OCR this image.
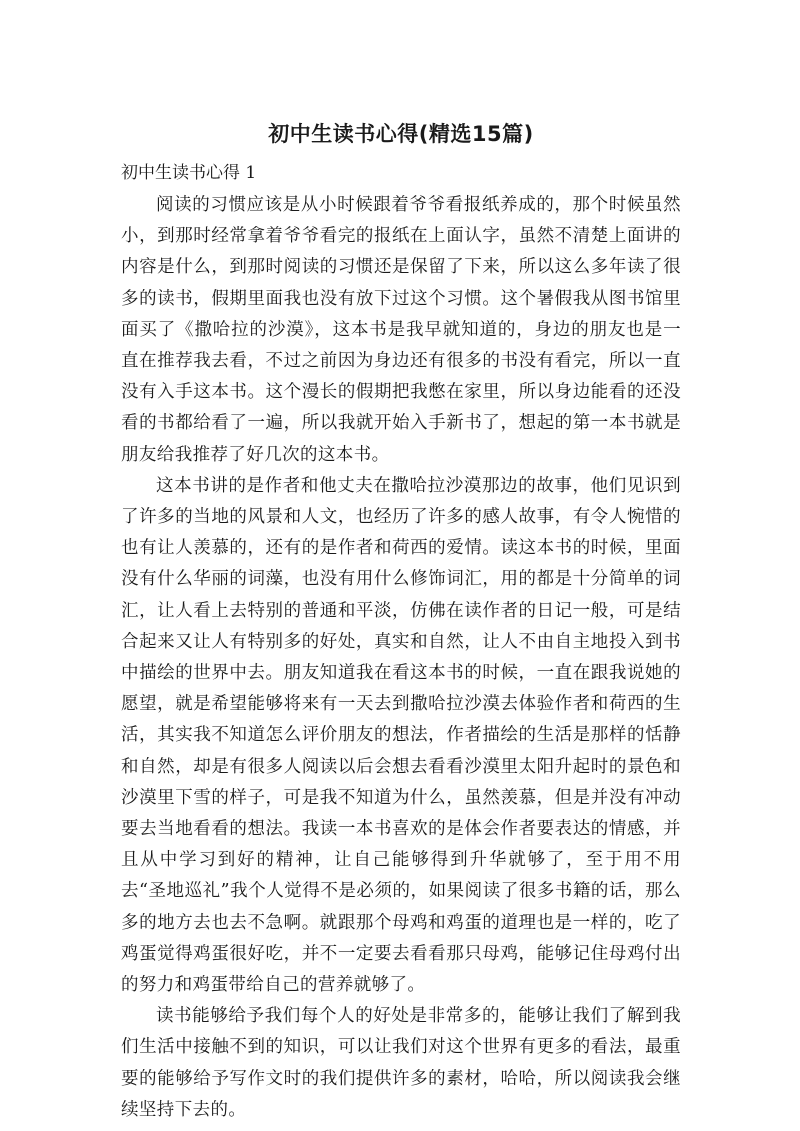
初中生读书心得(精选15篇)
初中生读书心得 1

阅读的习惯应该是从小时候跟着爷爷看报纸养成的，那个时候虽然小，到那时经常拿着爷爷看完的报纸在上面认字，虽然不清楚上面讲的内容是什么，到那时阅读的习惯还是保留了下来，所以这么多年读了很多的读书，假期里面我也没有放下过这个习惯。这个暑假我从图书馆里面买了《撒哈拉的沙漠》，这本书是我早就知道的，身边的朋友也是一直在推荐我去看，不过之前因为身边还有很多的书没有看完，所以一直没有入手这本书。这个漫长的假期把我憋在家里，所以身边能看的还没看的书都给看了一遍，所以我就开始入手新书了，想起的第一本书就是朋友给我推荐了好几次的这本书。

这本书讲的是作者和他丈夫在撒哈拉沙漠那边的故事，他们见识到了许多的当地的风景和人文，也经历了许多的感人故事，有令人惋惜的也有让人羡慕的，还有的是作者和荷西的爱情。读这本书的时候，里面没有什么华丽的词藻，也没有用什么修饰词汇，用的都是十分简单的词汇，让人看上去特别的普通和平淡，仿佛在读作者的日记一般，可是结合起来又让人有特别多的好处，真实和自然，让人不由自主地投入到书中描绘的世界中去。朋友知道我在看这本书的时候，一直在跟我说她的愿望，就是希望能够将来有一天去到撒哈拉沙漠去体验作者和荷西的生活，其实我不知道怎么评价朋友的想法，作者描绘的生活是那样的恬静和自然，却是有很多人阅读以后会想去看看沙漠里太阳升起时的景色和沙漠里下雪的样子，可是我不知道为什么，虽然羡慕，但是并没有冲动要去当地看看的想法。我读一本书喜欢的是体会作者要表达的情感，并且从中学习到好的精神，让自己能够得到升华就够了，至于用不用去“圣地巡礼”我个人觉得不是必须的，如果阅读了很多书籍的话，那么多的地方去也去不急啊。就跟那个母鸡和鸡蛋的道理也是一样的，吃了鸡蛋觉得鸡蛋很好吃，并不一定要去看看那只母鸡，能够记住母鸡付出的努力和鸡蛋带给自己的营养就够了。

读书能够给予我们每个人的好处是非常多的，能够让我们了解到我们生活中接触不到的知识，可以让我们对这个世界有更多的看法，最重要的能够给予写作文时的我们提供许多的素材，哈哈，所以阅读我会继续坚持下去的。
